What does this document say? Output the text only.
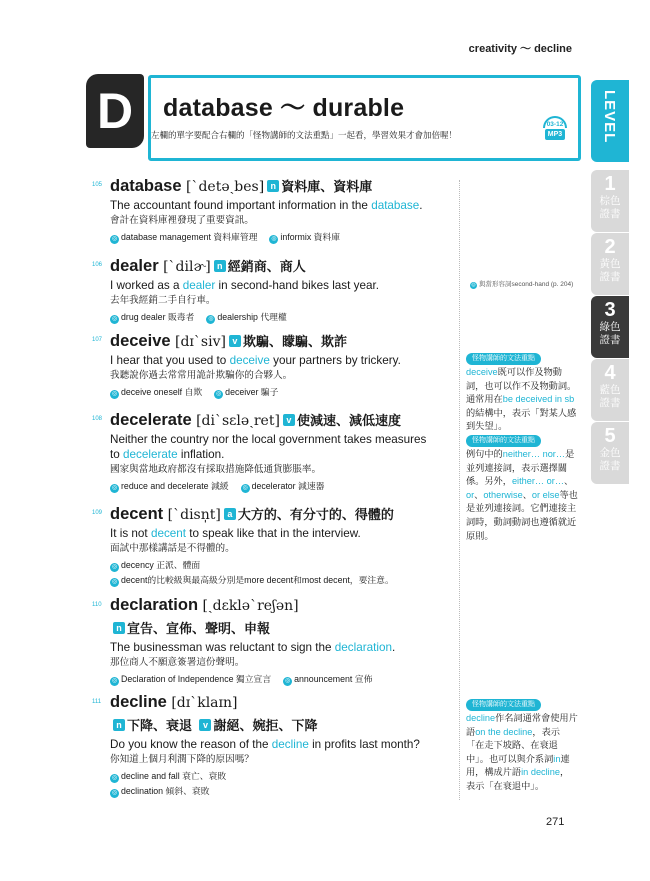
creativity ～ decline
D	database ～ durable
左欄的單字要配合右欄的「怪物講師的文法重點」一起看，學習效果才會加倍喔！
03-12
MP3	LEVEL
1
棕色
證書
2
黃色
證書
3
綠色
證書
4
藍色
證書
5
金色
證書
105 database [ˋdetəˏbes] n 資料庫、資料庫
The accountant found important information in the database.
會計在資料庫裡發現了重要資訊。
◎ database management 資料庫管理 ◎ informix 資料庫
106 dealer [ˋdilɚ] n 經銷商、商人
I worked as a dealer in second-hand bikes last year.
去年我經銷二手自行車。
◎ drug dealer 販毒者 ◎ dealership 代理權
107 deceive [dɪˋsiv] v 欺騙、矇騙、欺詐
I hear that you used to deceive your partners by trickery.
我聽說你過去常常用詭計欺騙你的合夥人。
◎ deceive oneself 自欺 ◎ deceiver 騙子
108 decelerate [diˋsɛləˏret] v 使減速、減低速度
Neither the country nor the local government takes measures
to decelerate inflation.
國家與當地政府都沒有採取措施降低通貨膨脹率。
◎ reduce and decelerate 減緩 ◎ decelerator 減速器
109 decent [ˋdisn̩t] a 大方的、有分寸的、得體的
It is not decent to speak like that in the interview.
面試中那樣講話是不得體的。
◎ decency 正派、體面
◎ decent的比較級與最高級分別是more decent和most decent，要注意。
110 declaration [ˏdɛkləˋreʃən]
n 宣告、宣佈、聲明、申報
The businessman was reluctant to sign the declaration.
那位商人不願意簽署這份聲明。
◎ Declaration of Independence 獨立宣言 ◎ announcement 宣佈
111 decline [dɪˋklaɪn]
n 下降、衰退 v 謝絕、婉拒、下降
Do you know the reason of the decline in profits last month?
你知道上個月利潤下降的原因嗎？
◎ decline and fall 衰亡、衰敗
◎ declination 傾斜、衰敗
◎ 與當形容詞second-hand (p. 204)
怪物講師的文法重點
deceive既可以作及物動詞，也可以作不及物動詞。通常用在be deceived in sb的結構中，表示「對某人感到失望」。
怪物講師的文法重點
例句中的neither… nor…是並列連接詞，表示選擇關係。另外，either… or…、or、otherwise、or else等也是並列連接詞。它們連接主詞時，動詞動詞也遵循就近原則。
怪物講師的文法重點
decline作名詞通常會使用片語on the decline，表示「在走下坡路、在衰退中」。也可以與介系詞in連用，構成片語in decline，表示「在衰退中」。
271
